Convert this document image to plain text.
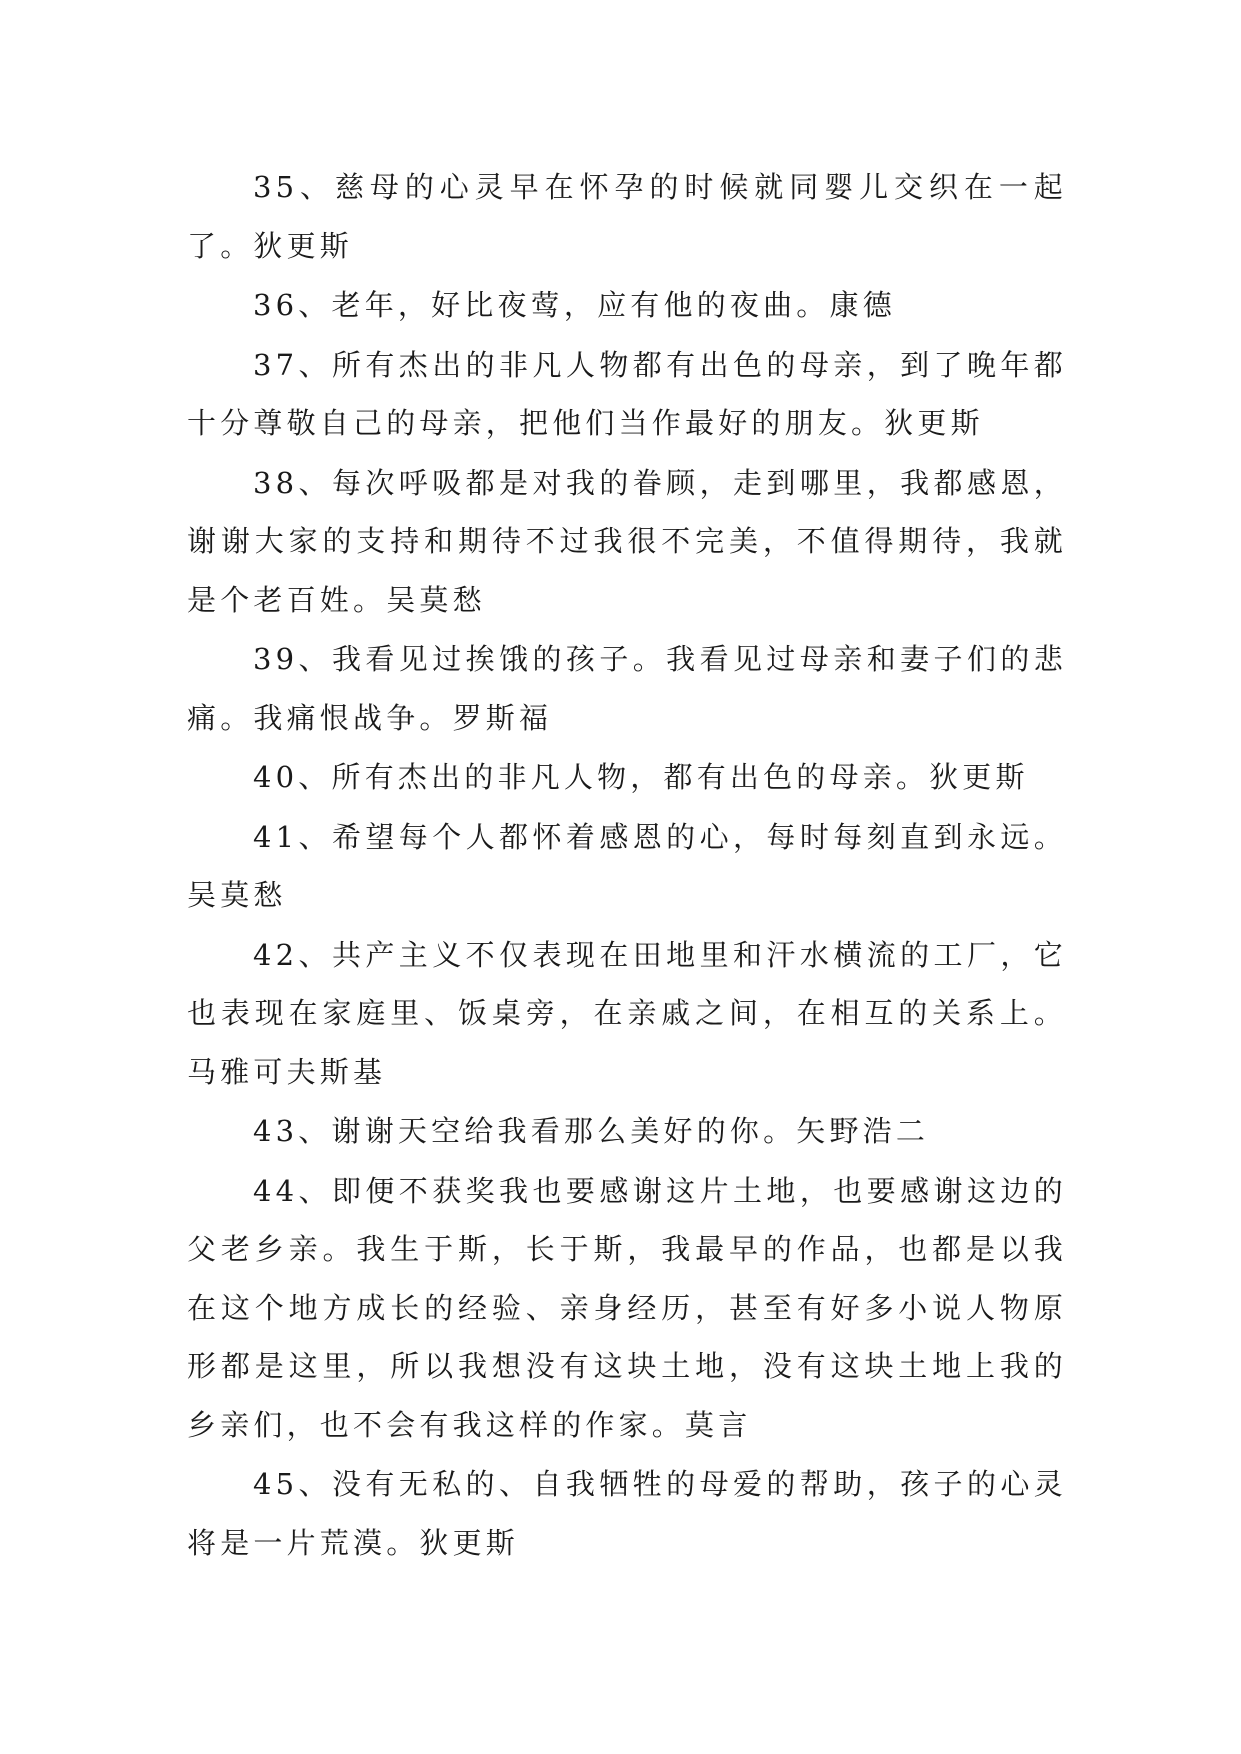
35、慈母的心灵早在怀孕的时候就同婴儿交织在一起了。狄更斯

36、老年，好比夜莺，应有他的夜曲。康德

37、所有杰出的非凡人物都有出色的母亲，到了晚年都十分尊敬自己的母亲，把他们当作最好的朋友。狄更斯

38、每次呼吸都是对我的眷顾，走到哪里，我都感恩，谢谢大家的支持和期待不过我很不完美，不值得期待，我就是个老百姓。吴莫愁

39、我看见过挨饿的孩子。我看见过母亲和妻子们的悲痛。我痛恨战争。罗斯福

40、所有杰出的非凡人物，都有出色的母亲。狄更斯

41、希望每个人都怀着感恩的心，每时每刻直到永远。吴莫愁

42、共产主义不仅表现在田地里和汗水横流的工厂，它也表现在家庭里、饭桌旁，在亲戚之间，在相互的关系上。马雅可夫斯基

43、谢谢天空给我看那么美好的你。矢野浩二

44、即便不获奖我也要感谢这片土地，也要感谢这边的父老乡亲。我生于斯，长于斯，我最早的作品，也都是以我在这个地方成长的经验、亲身经历，甚至有好多小说人物原形都是这里，所以我想没有这块土地，没有这块土地上我的乡亲们，也不会有我这样的作家。莫言

45、没有无私的、自我牺牲的母爱的帮助，孩子的心灵将是一片荒漠。狄更斯
